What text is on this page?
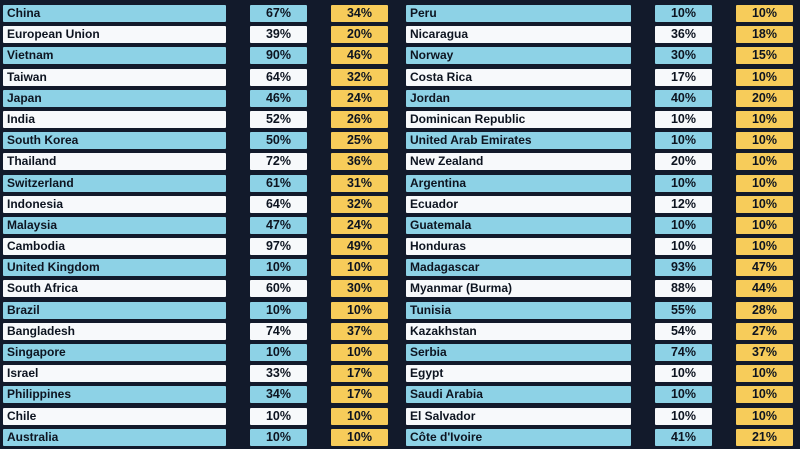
China	67%	34%	Peru	10%	10%
European Union	39%	20%	Nicaragua	36%	18%
Vietnam	90%	46%	Norway	30%	15%
Taiwan	64%	32%	Costa Rica	17%	10%
Japan	46%	24%	Jordan	40%	20%
India	52%	26%	Dominican Republic	10%	10%
South Korea	50%	25%	United Arab Emirates	10%	10%
Thailand	72%	36%	New Zealand	20%	10%
Switzerland	61%	31%	Argentina	10%	10%
Indonesia	64%	32%	Ecuador	12%	10%
Malaysia	47%	24%	Guatemala	10%	10%
Cambodia	97%	49%	Honduras	10%	10%
United Kingdom	10%	10%	Madagascar	93%	47%
South Africa	60%	30%	Myanmar (Burma)	88%	44%
Brazil	10%	10%	Tunisia	55%	28%
Bangladesh	74%	37%	Kazakhstan	54%	27%
Singapore	10%	10%	Serbia	74%	37%
Israel	33%	17%	Egypt	10%	10%
Philippines	34%	17%	Saudi Arabia	10%	10%
Chile	10%	10%	El Salvador	10%	10%
Australia	10%	10%	Côte d'Ivoire	41%	21%
